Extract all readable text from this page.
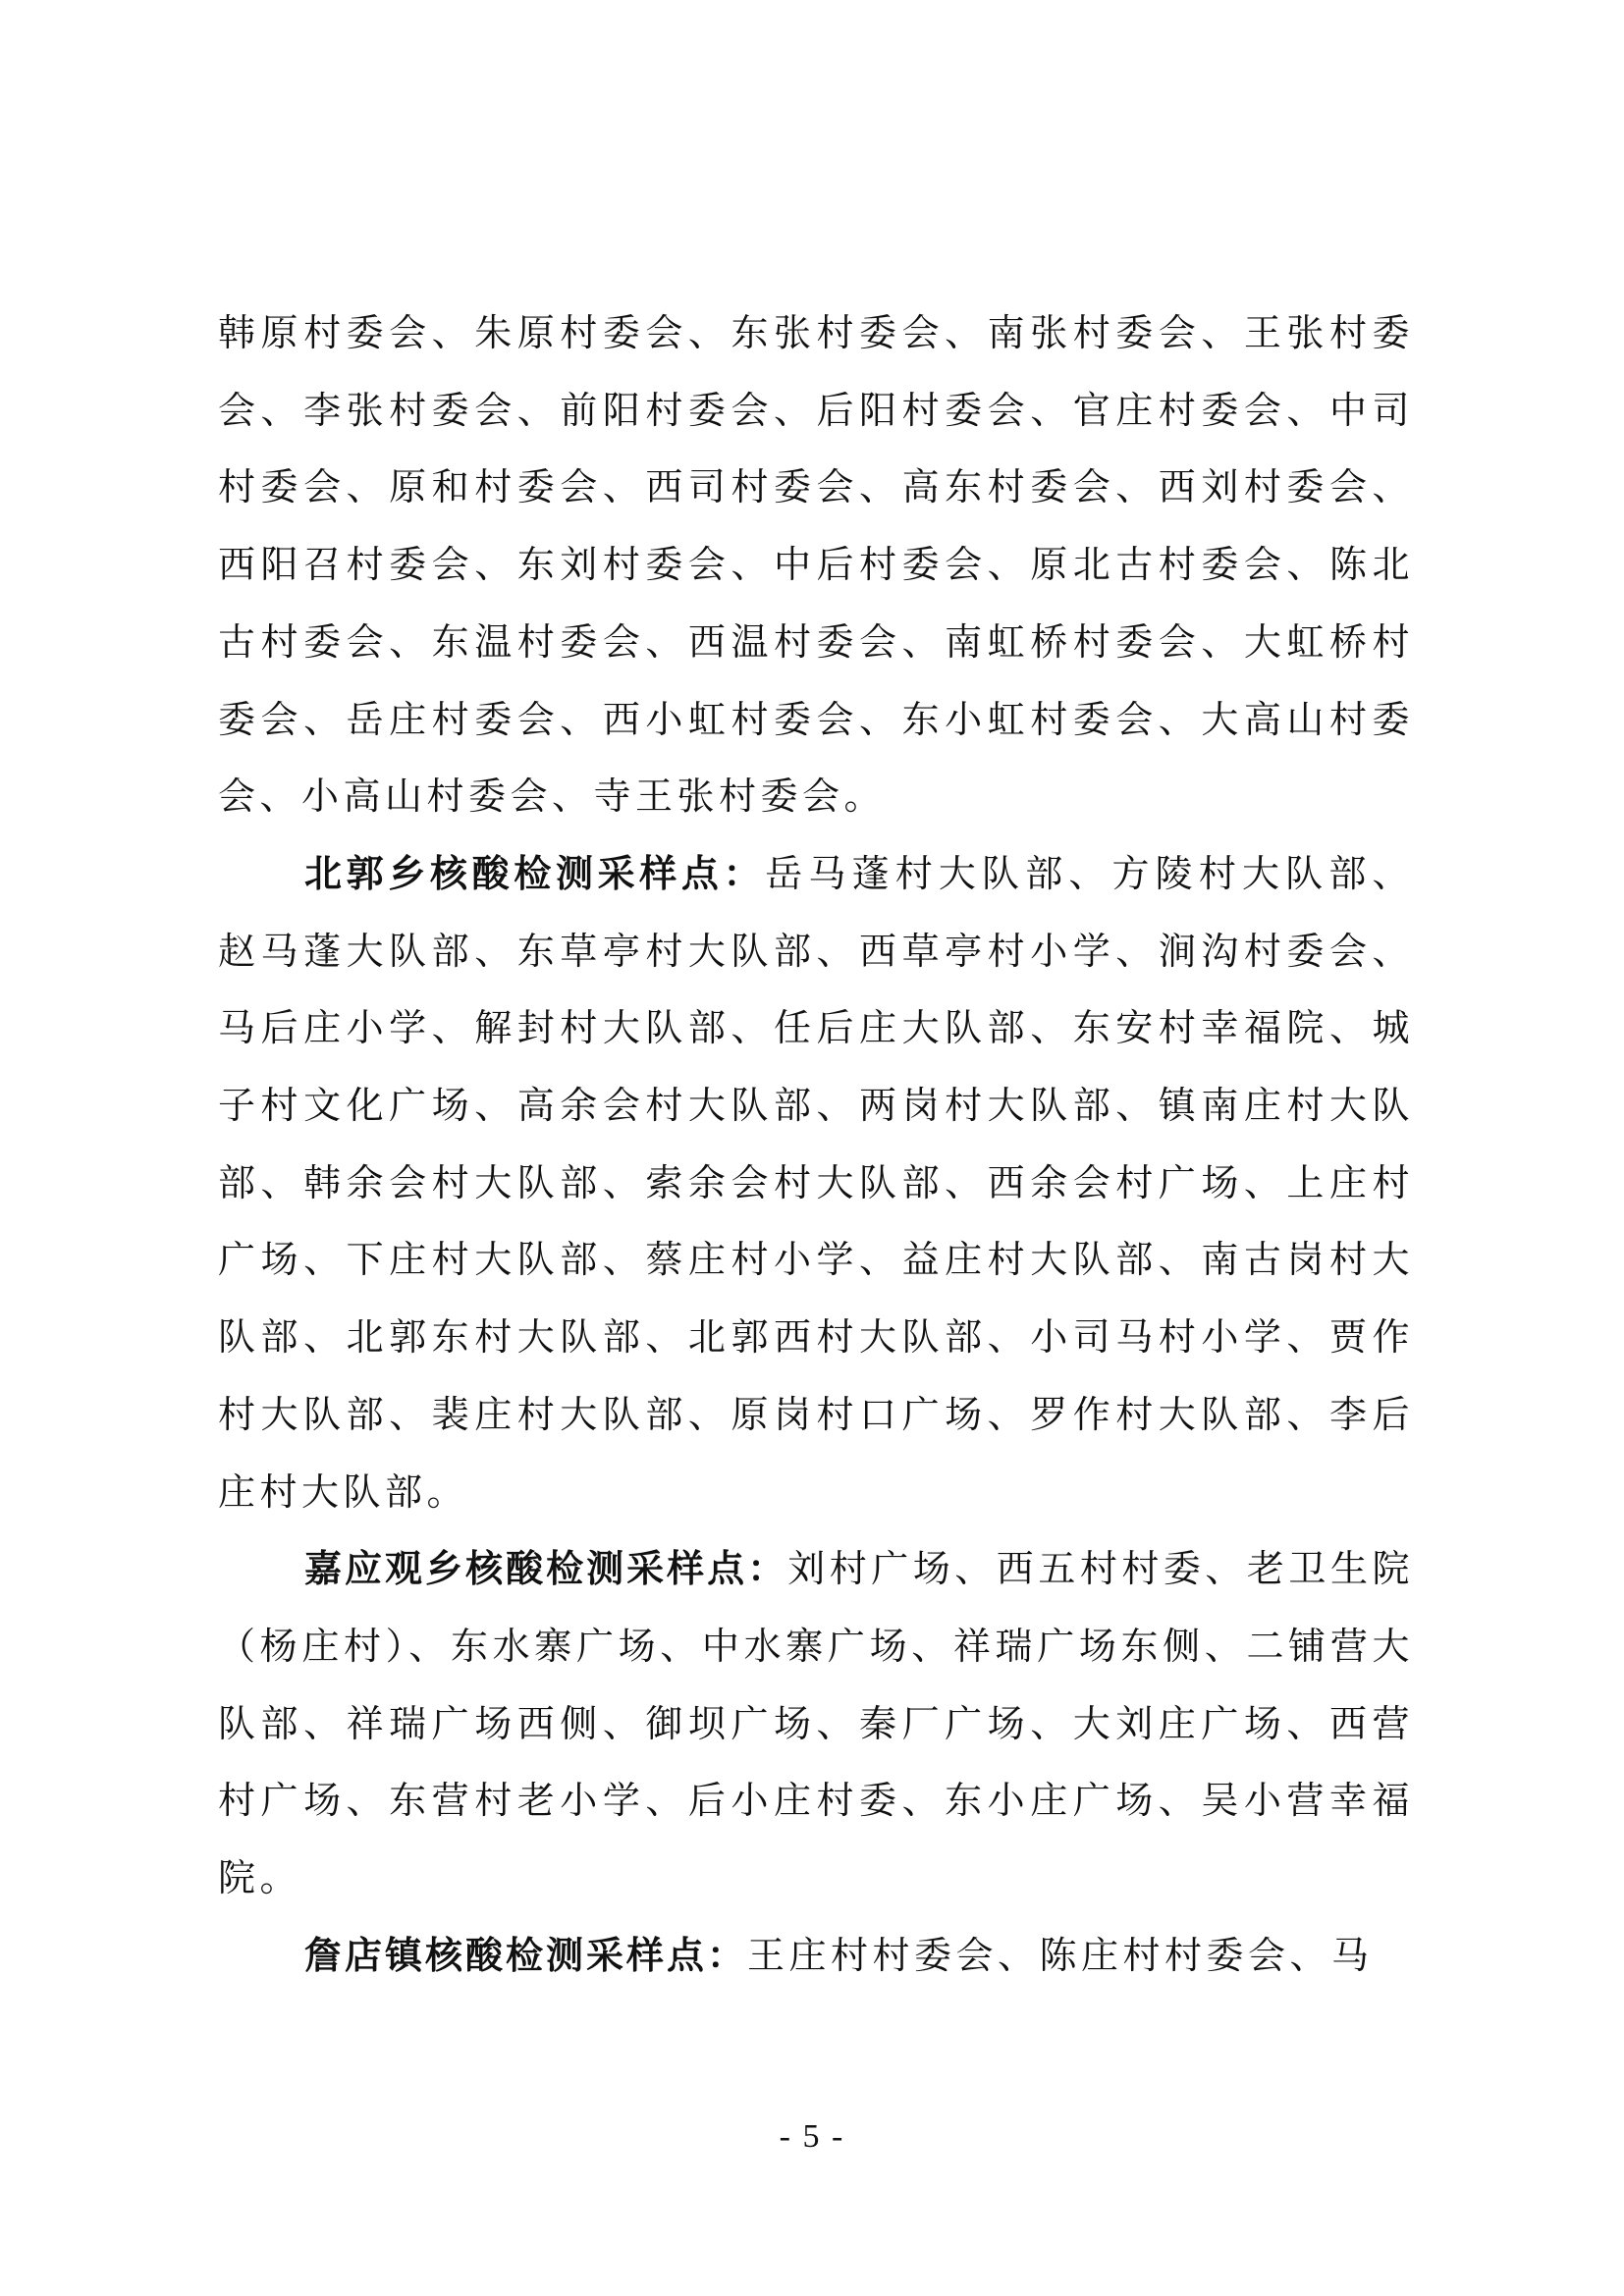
韩原村委会、朱原村委会、东张村委会、南张村委会、王张村委会、李张村委会、前阳村委会、后阳村委会、官庄村委会、中司村委会、原和村委会、西司村委会、高东村委会、西刘村委会、西阳召村委会、东刘村委会、中后村委会、原北古村委会、陈北古村委会、东温村委会、西温村委会、南虹桥村委会、大虹桥村委会、岳庄村委会、西小虹村委会、东小虹村委会、大高山村委会、小高山村委会、寺王张村委会。

北郭乡核酸检测采样点：岳马蓬村大队部、方陵村大队部、赵马蓬大队部、东草亭村大队部、西草亭村小学、涧沟村委会、马后庄小学、解封村大队部、任后庄大队部、东安村幸福院、城子村文化广场、高余会村大队部、两岗村大队部、镇南庄村大队部、韩余会村大队部、索余会村大队部、西余会村广场、上庄村广场、下庄村大队部、蔡庄村小学、益庄村大队部、南古岗村大队部、北郭东村大队部、北郭西村大队部、小司马村小学、贾作村大队部、裴庄村大队部、原岗村口广场、罗作村大队部、李后庄村大队部。

嘉应观乡核酸检测采样点：刘村广场、西五村村委、老卫生院（杨庄村）、东水寨广场、中水寨广场、祥瑞广场东侧、二铺营大队部、祥瑞广场西侧、御坝广场、秦厂广场、大刘庄广场、西营村广场、东营村老小学、后小庄村委、东小庄广场、吴小营幸福院。

詹店镇核酸检测采样点：王庄村村委会、陈庄村村委会、马

- 5 -
